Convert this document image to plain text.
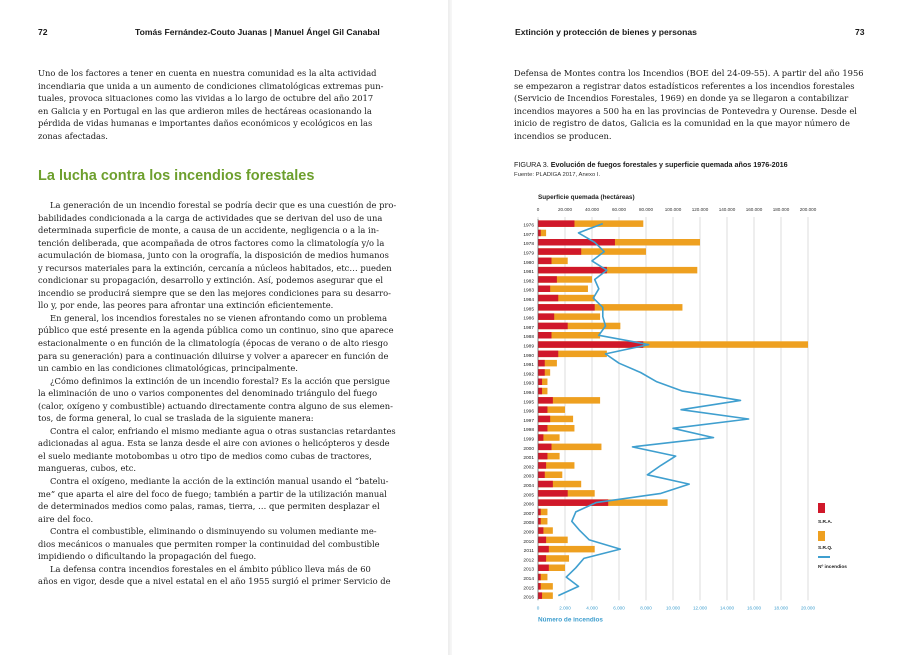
72	Tomás Fernández-Couto Juanas | Manuel Ángel Gil Canabal

Uno de los factores a tener en cuenta en nuestra comunidad es la alta actividad

incendiaria que unida a un aumento de condiciones climatológicas extremas pun-

tuales, provoca situaciones como las vividas a lo largo de octubre del año 2017

en Galicia y en Portugal en las que ardieron miles de hectáreas ocasionando la

pérdida de vidas humanas e importantes daños económicos y ecológicos en las

zonas afectadas.

La lucha contra los incendios forestales

La generación de un incendio forestal se podría decir que es una cuestión de pro-

babilidades condicionada a la carga de actividades que se derivan del uso de una

determinada superficie de monte, a causa de un accidente, negligencia o a la in-

tención deliberada, que acompañada de otros factores como la climatología y/o la

acumulación de biomasa, junto con la orografía, la disposición de medios humanos

y recursos materiales para la extinción, cercanía a núcleos habitados, etc… pueden

condicionar su propagación, desarrollo y extinción. Así, podemos asegurar que el

incendio se producirá siempre que se den las mejores condiciones para su desarro-

llo y, por ende, las peores para afrontar una extinción eficientemente.

En general, los incendios forestales no se vienen afrontando como un problema

público que esté presente en la agenda pública como un continuo, sino que aparece

estacionalmente o en función de la climatología (épocas de verano o de alto riesgo

para su generación) para a continuación diluirse y volver a aparecer en función de

un cambio en las condiciones climatológicas, principalmente.

¿Cómo definimos la extinción de un incendio forestal? Es la acción que persigue

la eliminación de uno o varios componentes del denominado triángulo del fuego

(calor, oxígeno y combustible) actuando directamente contra alguno de sus elemen-

tos, de forma general, lo cual se traslada de la siguiente manera:

Contra el calor, enfriando el mismo mediante agua o otras sustancias retardantes

adicionadas al agua. Esta se lanza desde el aire con aviones o helicópteros y desde

el suelo mediante motobombas u otro tipo de medios como cubas de tractores,

mangueras, cubos, etc.

Contra el oxígeno, mediante la acción de la extinción manual usando el “batelu-

me” que aparta el aire del foco de fuego; también a partir de la utilización manual

de determinados medios como palas, ramas, tierra, … que permiten desplazar el

aire del foco.

Contra el combustible, eliminando o disminuyendo su volumen mediante me-

dios mecánicos o manuales que permiten romper la continuidad del combustible

impidiendo o dificultando la propagación del fuego.

La defensa contra incendios forestales en el ámbito público lleva más de 60

años en vigor, desde que a nivel estatal en el año 1955 surgió el primer Servicio de

Extinción y protección de bienes y personas	73

Defensa de Montes contra los Incendios (BOE del 24-09-55). A partir del año 1956

se empezaron a registrar datos estadísticos referentes a los incendios forestales

(Servicio de Incendios Forestales, 1969) en donde ya se llegaron a contabilizar

incendios mayores a 500 ha en las provincias de Pontevedra y Ourense. Desde el

inicio de registro de datos, Galicia es la comunidad en la que mayor número de

incendios se producen.

FIGURA 3. Evolución de fuegos forestales y superficie quemada años 1976-2016
Fuente: PLADIGA 2017, Anexo I.
Superficie quemada (hectáreas)
Número de incendios
0	20.000	40.000	60.000	80.000	100.000 120.000 140.000 160.000 180.000 200.000
0	2.000	4.000	6.000	8.000	10.000	12.000	14.000	16.000	18.000	20.000
1976
1977
1978
1979
1980
1981
1982
1983
1984
1985
1986
1987
1988
1989
1990
1991
1992
1993
1994
1995
1996
1997
1998
1999
2000
2001
2002
2003
2004
2005
2006
2007
2008
2009
2010
2011
2012
2013
2014
2015
2016
S.R.A.
S.R.Q.
Nº incendios
